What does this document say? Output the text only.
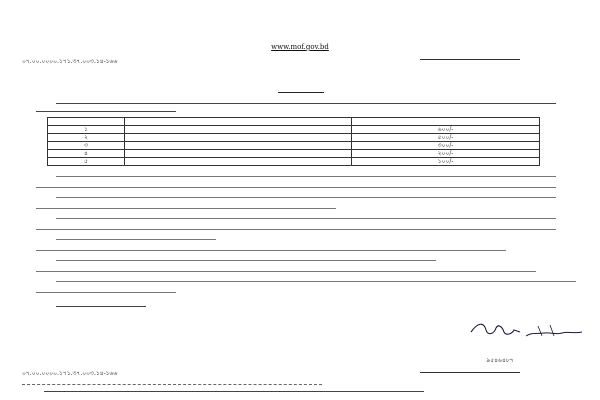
www.mof.gov.bd
০৭.০০.০০০০.১৭১.৩৭.০০৩.১৪-১৬৬

১		৬০০/-
২		৫০০/-
৩		৩০০/-
৪		২০০/-
৫		১০০/-
৯৫৪৬৪৮৭
০৭.০০.০০০০.১৭১.৩৭.০০৩.১৪-১৬৬
